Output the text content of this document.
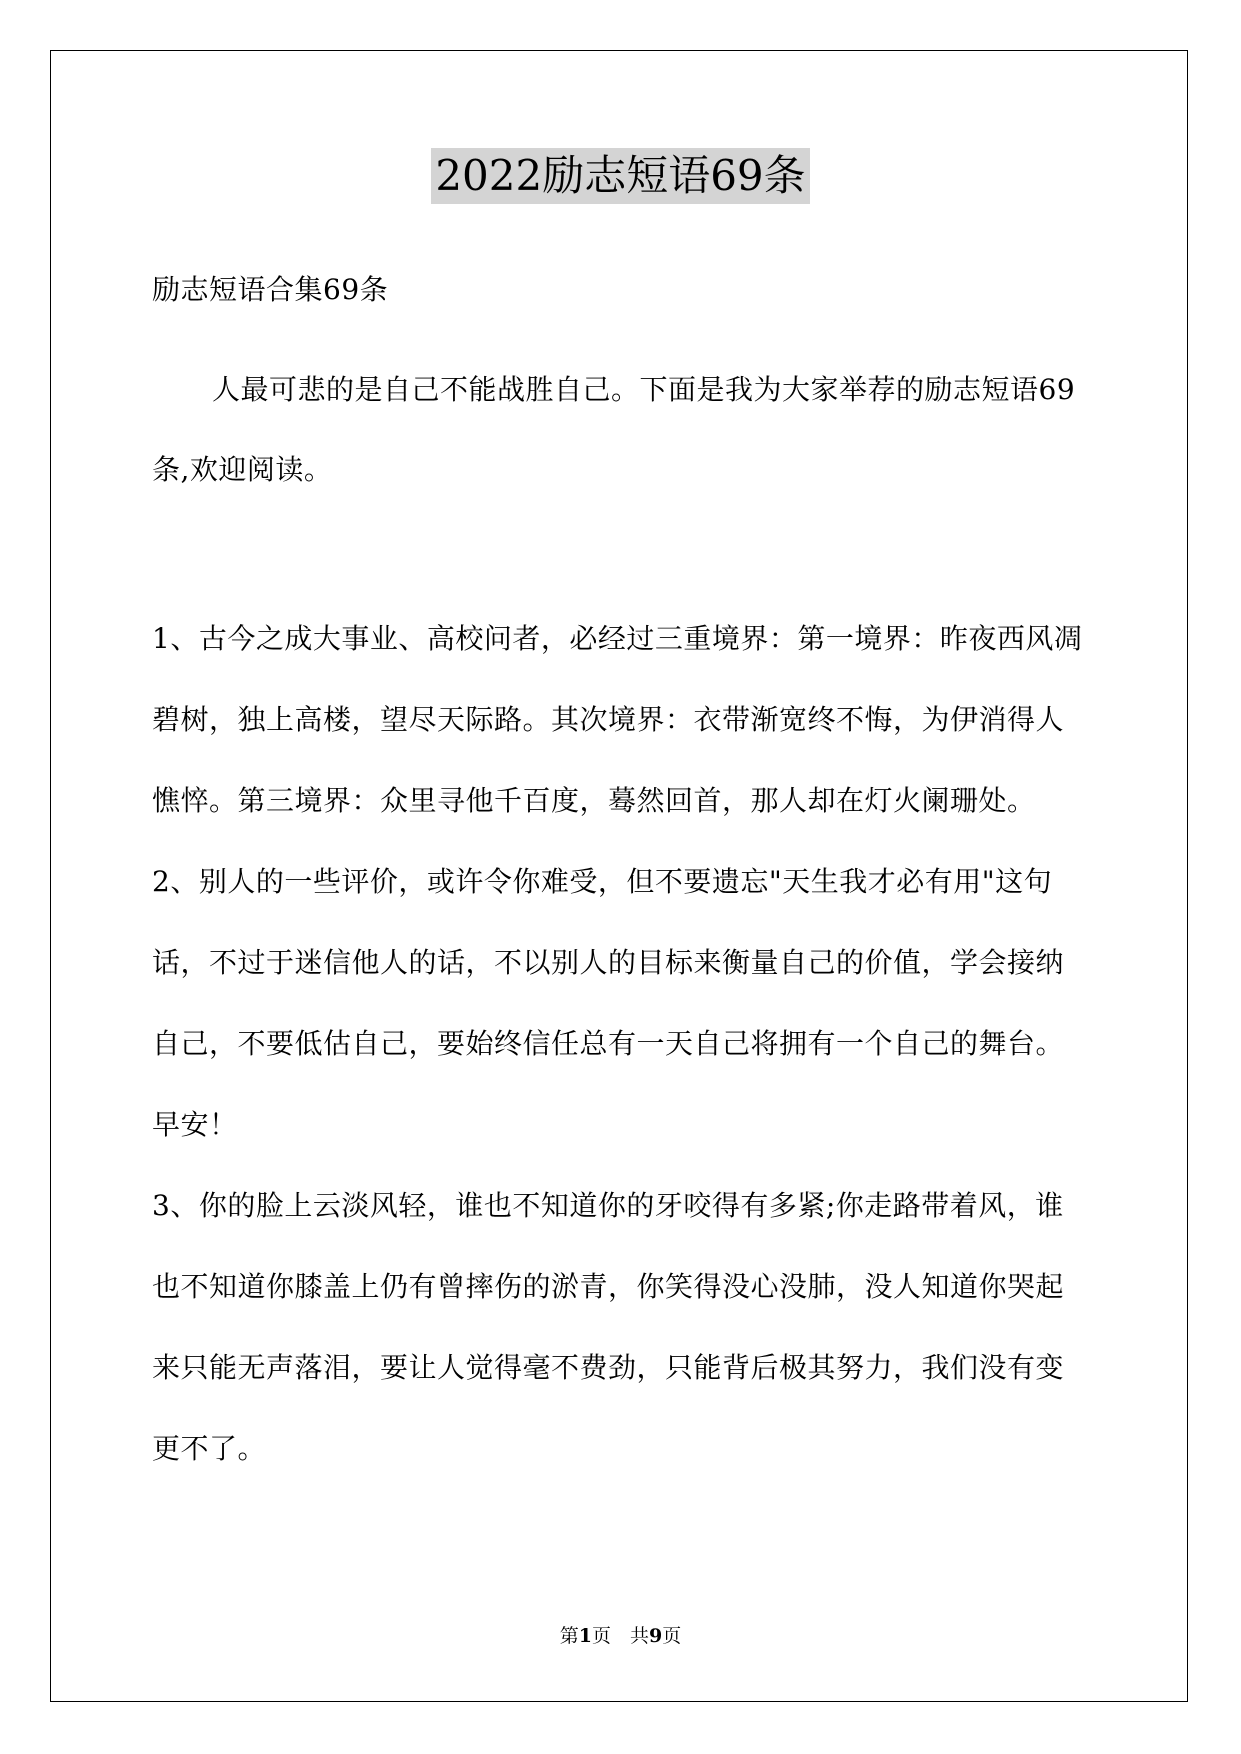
2022励志短语69条
励志短语合集69条
人最可悲的是自己不能战胜自己。下面是我为大家举荐的励志短语69条,欢迎阅读。

1、古今之成大事业、高校问者，必经过三重境界：第一境界：昨夜西风凋碧树，独上高楼，望尽天际路。其次境界：衣带渐宽终不悔，为伊消得人憔悴。第三境界：众里寻他千百度，蓦然回首，那人却在灯火阑珊处。

2、别人的一些评价，或许令你难受，但不要遗忘"天生我才必有用"这句话，不过于迷信他人的话，不以别人的目标来衡量自己的价值，学会接纳自己，不要低估自己，要始终信任总有一天自己将拥有一个自己的舞台。早安！

3、你的脸上云淡风轻，谁也不知道你的牙咬得有多紧;你走路带着风，谁也不知道你膝盖上仍有曾摔伤的淤青，你笑得没心没肺，没人知道你哭起来只能无声落泪，要让人觉得毫不费劲，只能背后极其努力，我们没有变更不了。

第1页　共9页
